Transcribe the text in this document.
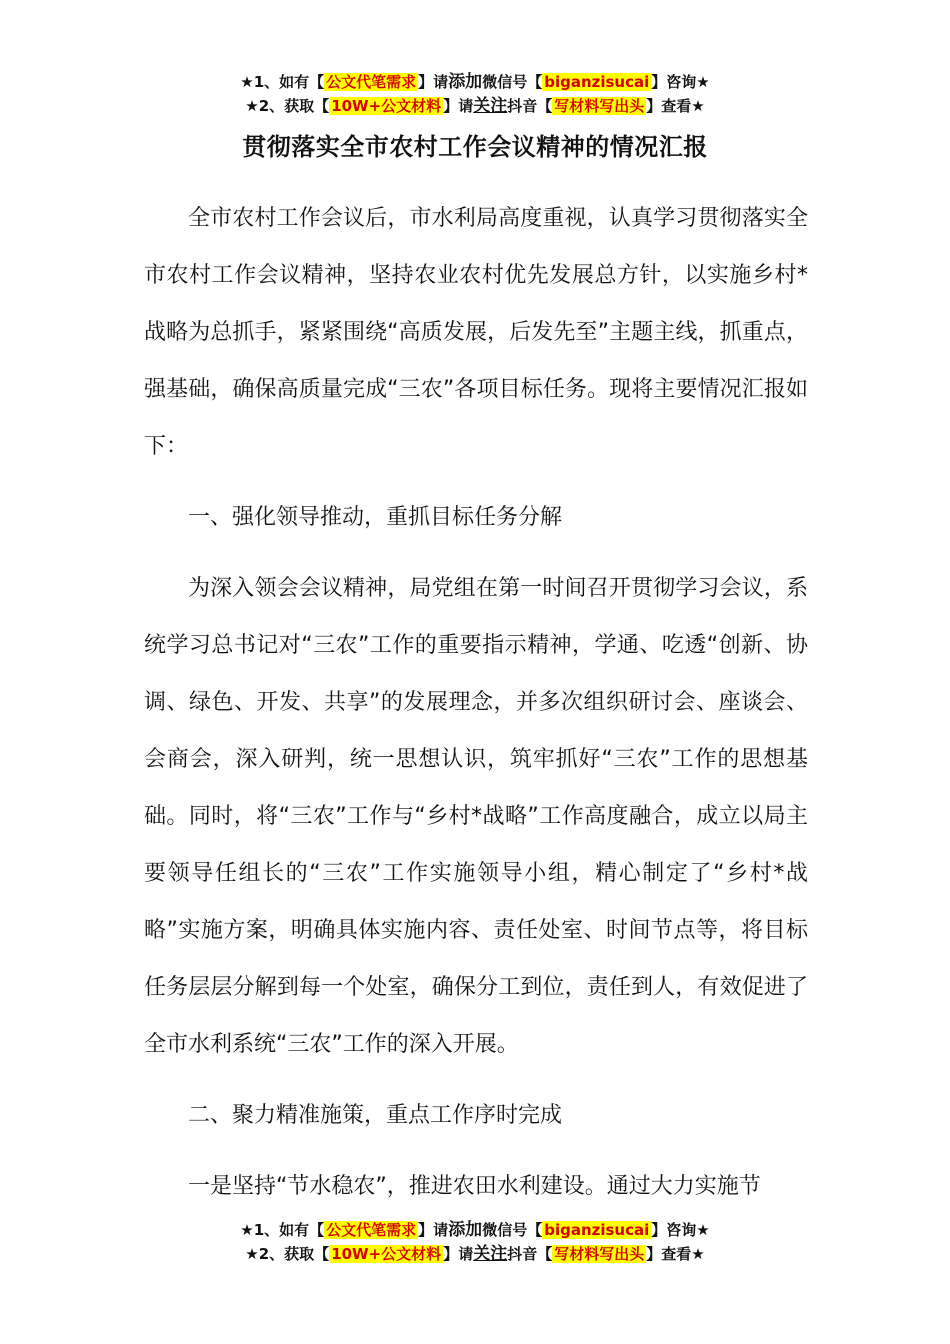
★1、如有【 公文代笔需求 】请添加微信号【 biganzisucai 】咨询★
★2、获取【 10W+公文材料 】请关注抖音【 写材料写出头 】查看★
贯彻落实全市农村工作会议精神的情况汇报

全市农村工作会议后，市水利局高度重视，认真学习贯彻落实全市农村工作会议精神，坚持农业农村优先发展总方针，以实施乡村*战略为总抓手，紧紧围绕“高质发展，后发先至”主题主线，抓重点，强基础，确保高质量完成“三农”各项目标任务。现将主要情况汇报如下：

一、强化领导推动，重抓目标任务分解

为深入领会会议精神，局党组在第一时间召开贯彻学习会议，系统学习总书记对“三农”工作的重要指示精神，学通、吃透“创新、协调、绿色、开发、共享”的发展理念，并多次组织研讨会、座谈会、会商会，深入研判，统一思想认识，筑牢抓好“三农”工作的思想基础。同时，将“三农”工作与“乡村*战略”工作高度融合，成立以局主要领导任组长的“三农”工作实施领导小组，精心制定了“乡村*战略”实施方案，明确具体实施内容、责任处室、时间节点等，将目标任务层层分解到每一个处室，确保分工到位，责任到人，有效促进了全市水利系统“三农”工作的深入开展。

二、聚力精准施策，重点工作序时完成

一是坚持“节水稳农”，推进农田水利建设。通过大力实施节

★1、如有【 公文代笔需求 】请添加微信号【 biganzisucai 】咨询★
★2、获取【 10W+公文材料 】请关注抖音【 写材料写出头 】查看★
